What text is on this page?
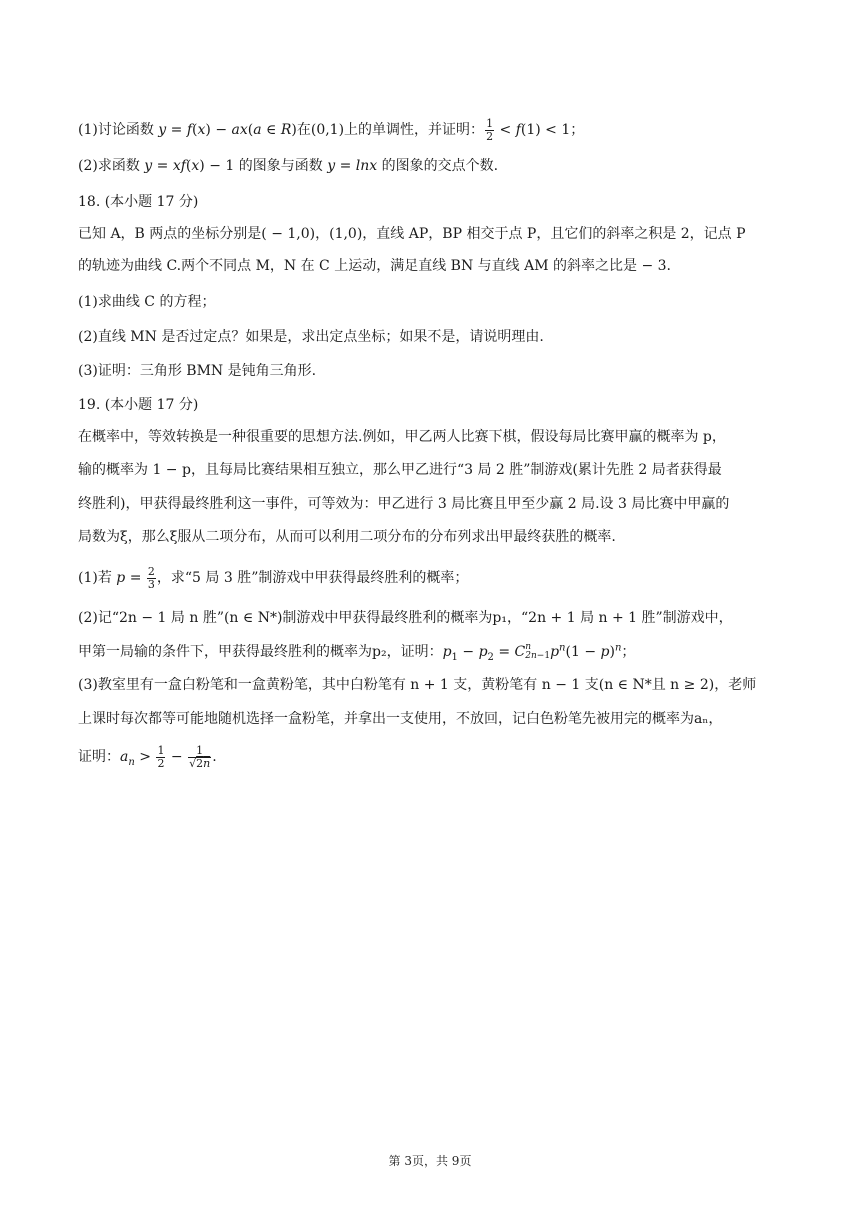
(1)讨论函数 y = f(x) − ax(a ∈ R)在(0,1)上的单调性，并证明： $\frac{1}{2} < f(1) < 1$；
(2)求函数 y = xf(x) − 1 的图象与函数 y = lnx 的图象的交点个数.
18. (本小题 17 分)
已知 A，B 两点的坐标分别是( − 1,0)，(1,0)，直线 AP，BP 相交于点 P，且它们的斜率之积是 2，记点 P
的轨迹为曲线 C.两个不同点 M，N 在 C 上运动，满足直线 BN 与直线 AM 的斜率之比是 − 3.
(1)求曲线 C 的方程；
(2)直线 MN 是否过定点？如果是，求出定点坐标；如果不是，请说明理由.
(3)证明：三角形 BMN 是钝角三角形.
19. (本小题 17 分)
在概率中，等效转换是一种很重要的思想方法.例如，甲乙两人比赛下棋，假设每局比赛甲赢的概率为 p，
输的概率为 1 − p，且每局比赛结果相互独立，那么甲乙进行“3 局 2 胜”制游戏(累计先胜 2 局者获得最
终胜利)，甲获得最终胜利这一事件，可等效为：甲乙进行 3 局比赛且甲至少赢 2 局.设 3 局比赛中甲赢的
局数为ξ，那么ξ服从二项分布，从而可以利用二项分布的分布列求出甲最终获胜的概率.
(1)若 $p = \frac{2}{3}$ ，求“5 局 3 胜”制游戏中甲获得最终胜利的概率；
(2)记“2n − 1 局 n 胜”(n ∈ N*)制游戏中甲获得最终胜利的概率为p₁，“2n + 1 局 n + 1 胜”制游戏中，
甲第一局输的条件下，甲获得最终胜利的概率为p₂，证明：$p_1 - p_2 = C$ n
2n−1 $p^n(1 - p)^n$；
(3)教室里有一盒白粉笔和一盒黄粉笔，其中白粉笔有 n + 1 支，黄粉笔有 n − 1 支(n ∈ N*且 n ≥ 2)，老师
上课时每次都等可能地随机选择一盒粉笔，并拿出一支使用，不放回，记白色粉笔先被用完的概率为aₙ，
证明：$a_n > \frac{1}{2} - \frac{1}{√2n}$ .
第 3页，共 9页
